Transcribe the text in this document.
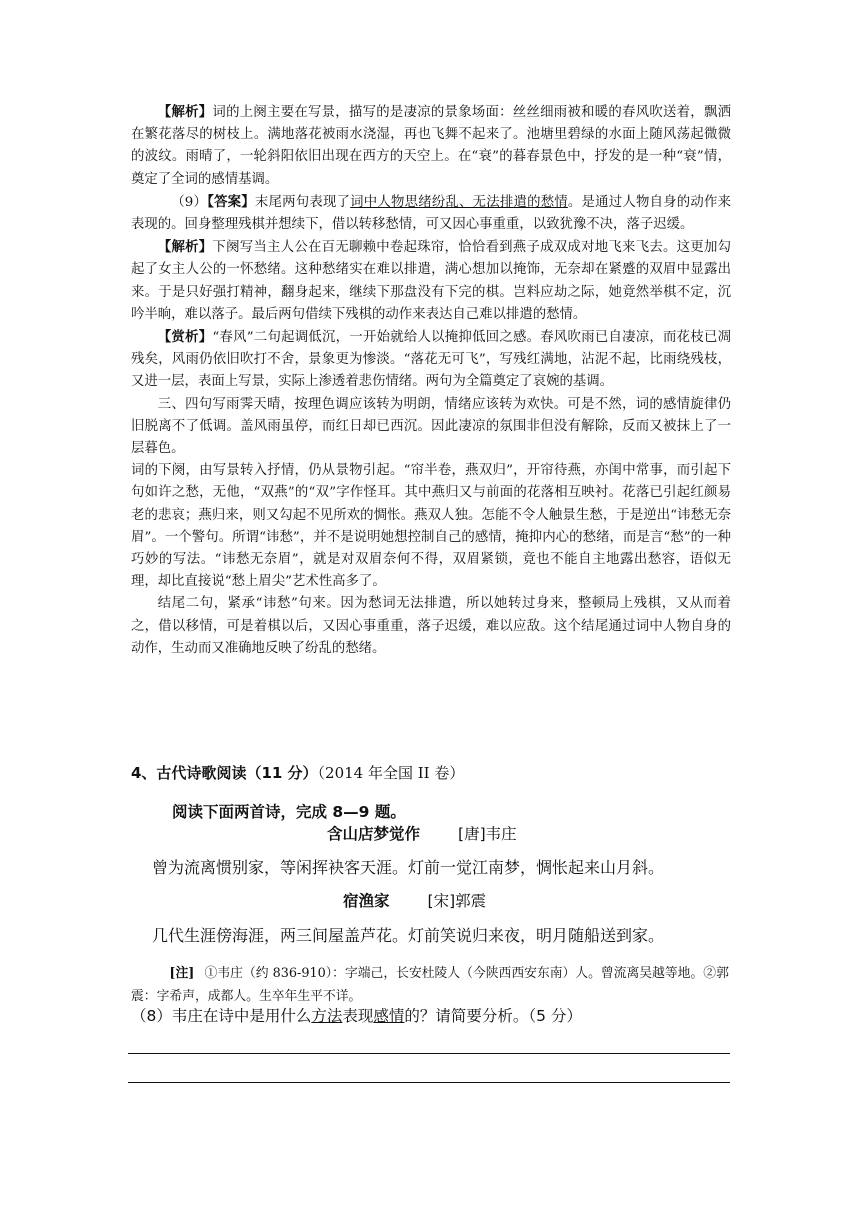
【解析】词的上阕主要在写景，描写的是凄凉的景象场面：丝丝细雨被和暖的春风吹送着，飘洒在繁花落尽的树枝上。满地落花被雨水浇湿，再也飞舞不起来了。池塘里碧绿的水面上随风荡起微微的波纹。雨晴了，一轮斜阳依旧出现在西方的天空上。在“衰”的暮春景色中，抒发的是一种“衰”情，奠定了全词的感情基调。

（9）【答案】末尾两句表现了词中人物思绪纷乱、无法排遣的愁情。是通过人物自身的动作来表现的。回身整理残棋并想续下，借以转移愁情，可又因心事重重，以致犹豫不决，落子迟缓。

【解析】下阕写当主人公在百无聊赖中卷起珠帘，恰恰看到燕子成双成对地飞来飞去。这更加勾起了女主人公的一怀愁绪。这种愁绪实在难以排遣，满心想加以掩饰，无奈却在紧蹙的双眉中显露出来。于是只好强打精神，翻身起来，继续下那盘没有下完的棋。岂料应劫之际，她竟然举棋不定，沉吟半晌，难以落子。最后两句借续下残棋的动作来表达自己难以排遣的愁情。

【赏析】“春风”二句起调低沉，一开始就给人以掩抑低回之感。春风吹雨已自凄凉，而花枝已凋残矣，风雨仍依旧吹打不舍，景象更为惨淡。“落花无可飞”，写残红满地，沾泥不起，比雨绕残枝，又进一层，表面上写景，实际上渗透着悲伤情绪。两句为全篇奠定了哀婉的基调。

三、四句写雨霁天晴，按理色调应该转为明朗，情绪应该转为欢快。可是不然，词的感情旋律仍旧脱离不了低调。盖风雨虽停，而红日却已西沉。因此凄凉的氛围非但没有解除，反而又被抹上了一层暮色。

词的下阕，由写景转入抒情，仍从景物引起。“帘半卷，燕双归”，开帘待燕，亦闺中常事，而引起下句如许之愁，无他，“双燕”的“双”字作怪耳。其中燕归又与前面的花落相互映衬。花落已引起红颜易老的悲哀；燕归来，则又勾起不见所欢的惆怅。燕双人独。怎能不令人触景生愁，于是逆出“讳愁无奈眉”。一个警句。所谓“讳愁”，并不是说明她想控制自己的感情，掩抑内心的愁绪，而是言“愁”的一种巧妙的写法。“讳愁无奈眉”，就是对双眉奈何不得，双眉紧锁，竟也不能自主地露出愁容，语似无理，却比直接说“愁上眉尖”艺术性高多了。

结尾二句，紧承“讳愁”句来。因为愁词无法排遣，所以她转过身来，整顿局上残棋，又从而着之，借以移情，可是着棋以后，又因心事重重，落子迟缓，难以应敌。这个结尾通过词中人物自身的动作，生动而又准确地反映了纷乱的愁绪。

4、古代诗歌阅读（11 分）（2014 年全国 II 卷）
阅读下面两首诗，完成 8—9 题。
含山店梦觉作 [唐]韦庄
曾为流离惯别家，等闲挥袂客天涯。灯前一觉江南梦，惆怅起来山月斜。
宿渔家 [宋]郭震
几代生涯傍海涯，两三间屋盖芦花。灯前笑说归来夜，明月随船送到家。
[注] ①韦庄（约 836-910）：字端己，长安杜陵人（今陕西西安东南）人。曾流离吴越等地。②郭震：字希声，成都人。生卒年生平不详。
（8）韦庄在诗中是用什么方法表现感情的？请简要分析。（5 分）
